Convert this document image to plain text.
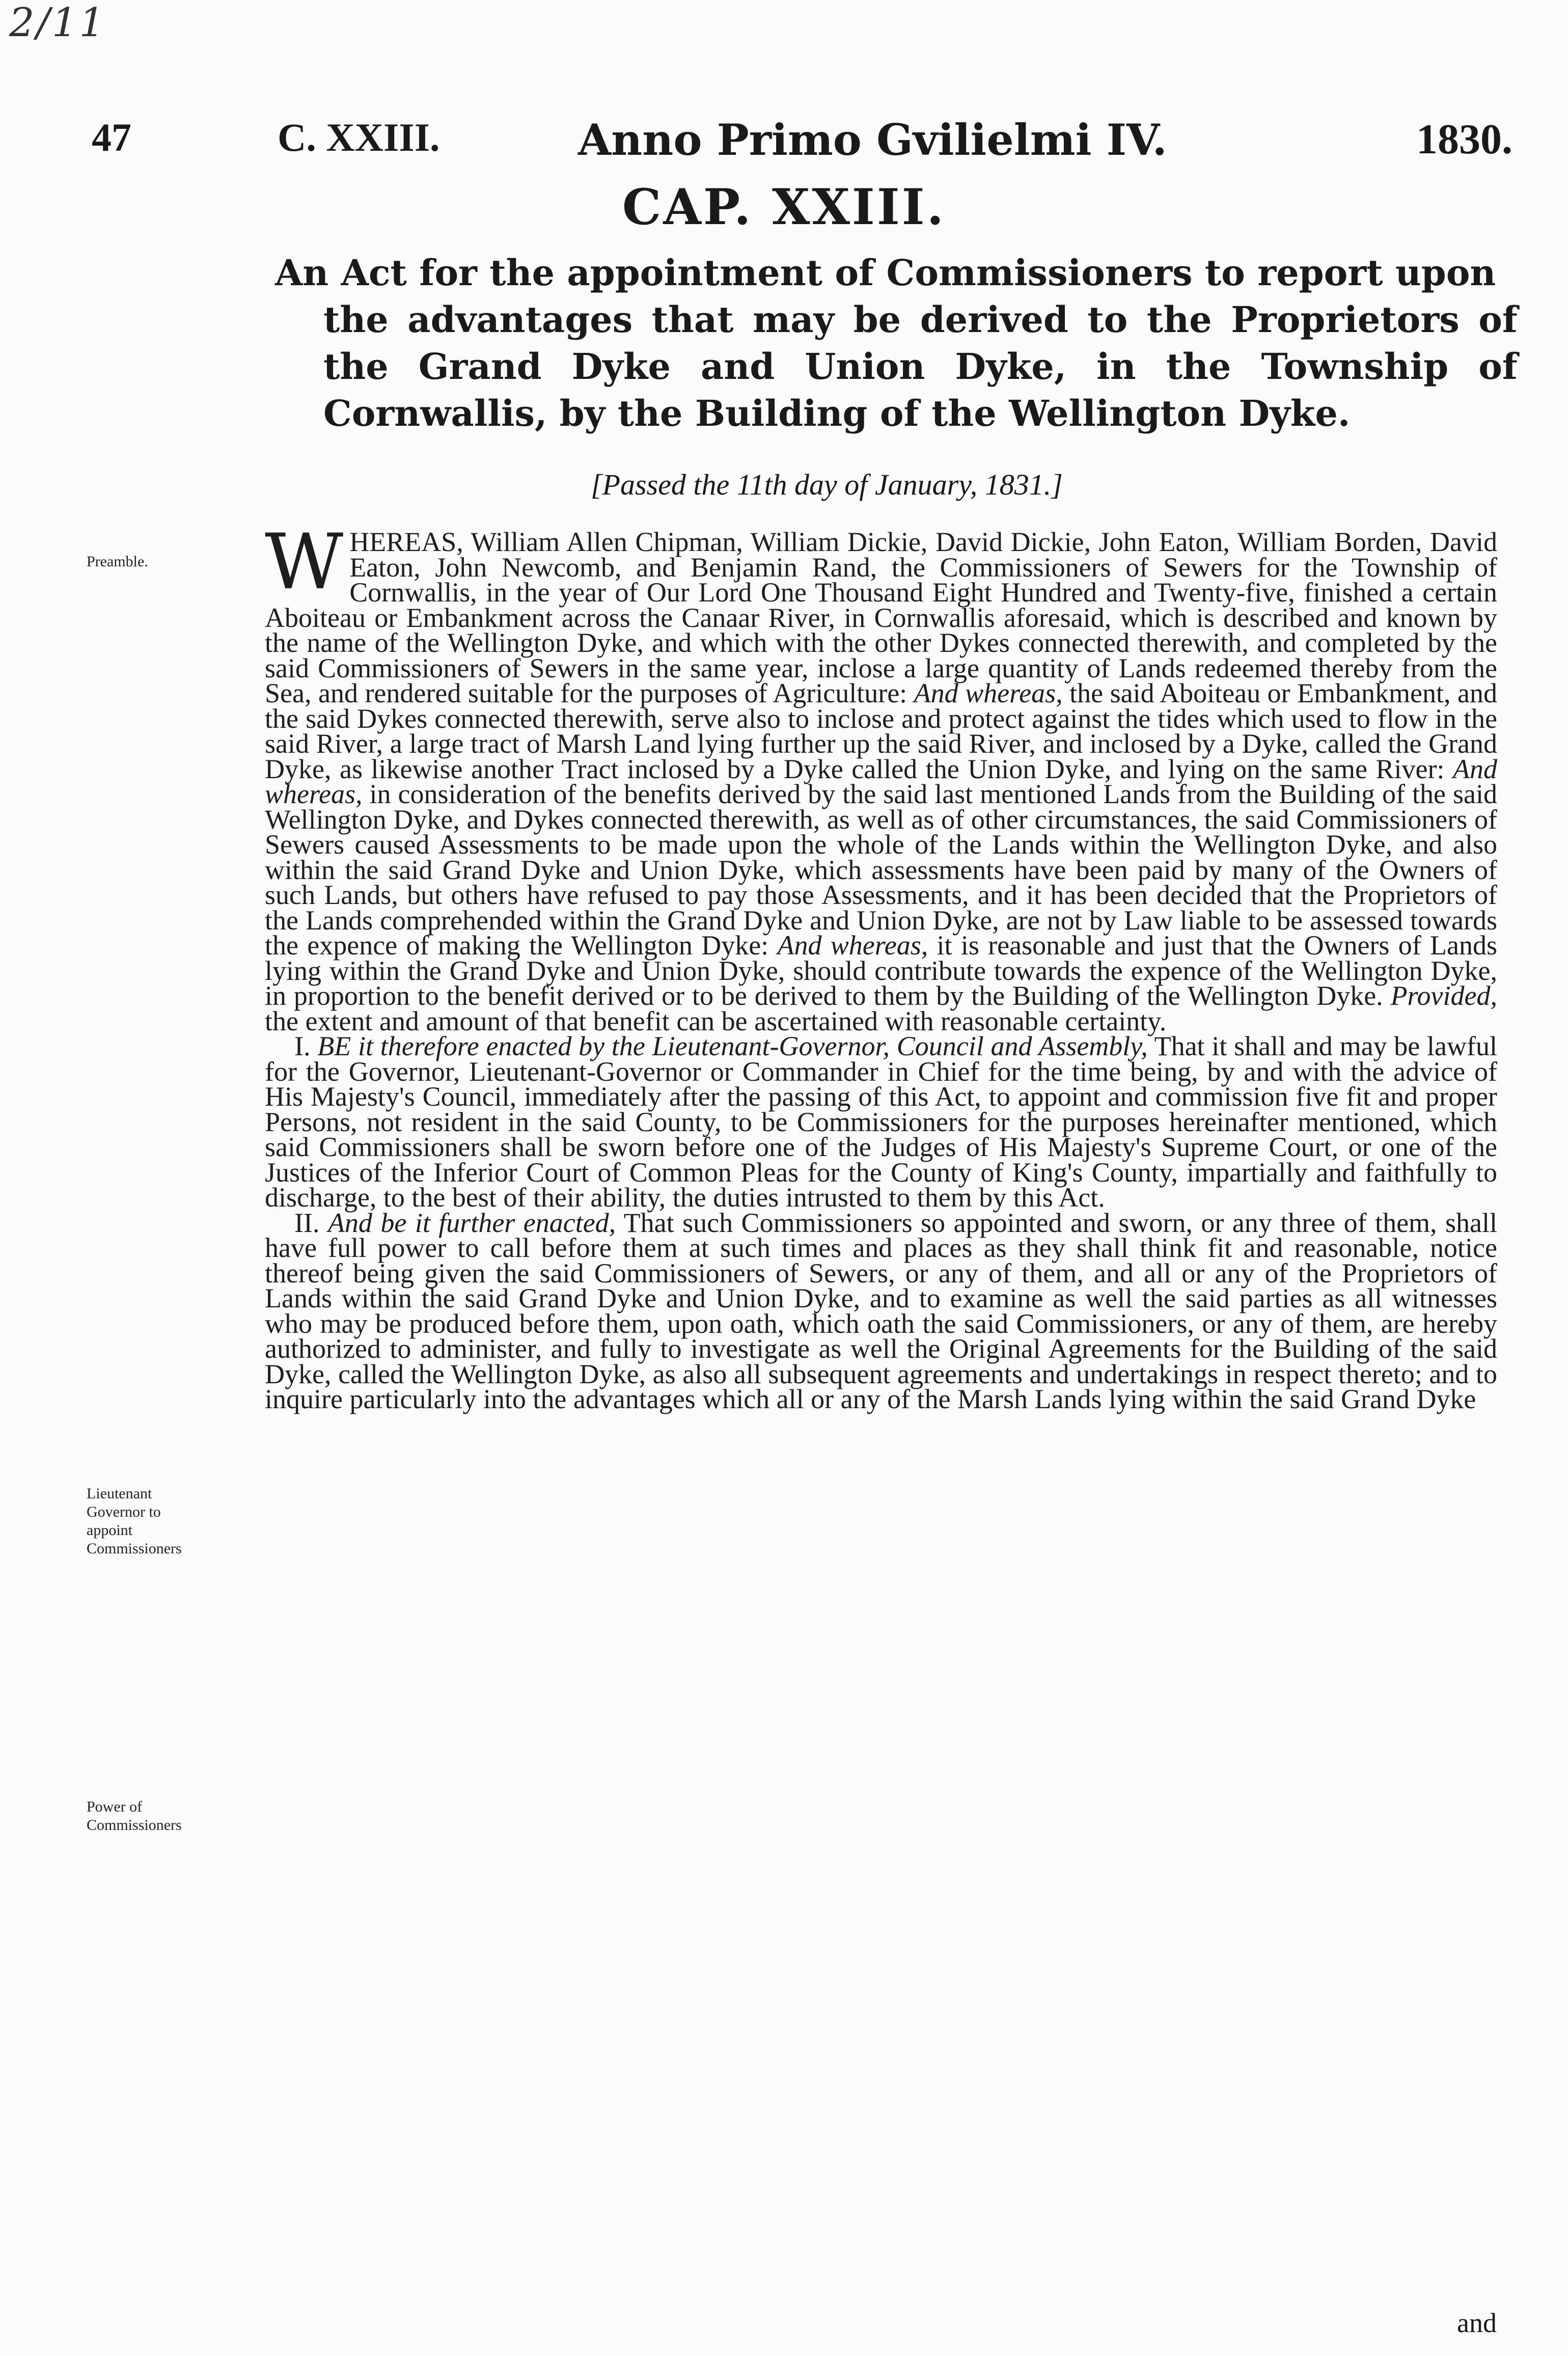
2/11
47	C. XXIII.	Anno Primo Gvilielmi IV.	1830.
CAP. XXIII.
An Act for the appointment of Commissioners to report upon
the advantages that may be derived to the Proprietors of the Grand Dyke and Union Dyke, in the Township of Cornwallis, by the Building of the Wellington Dyke.
[Passed the 11th day of January, 1831.]
Preamble.
Lieutenant Governor to appoint Commissioners
Power of Commissioners

WHEREAS, William Allen Chipman, William Dickie, David Dickie, John Eaton, William Borden, David Eaton, John Newcomb, and Benjamin Rand, the Commissioners of Sewers for the Township of Cornwallis, in the year of Our Lord One Thousand Eight Hundred and Twenty-five, finished a certain Aboiteau or Embankment across the Canaar River, in Cornwallis aforesaid, which is described and known by the name of the Wellington Dyke, and which with the other Dykes connected therewith, and completed by the said Commissioners of Sewers in the same year, inclose a large quantity of Lands redeemed thereby from the Sea, and rendered suitable for the purposes of Agriculture: And whereas, the said Aboiteau or Embankment, and the said Dykes connected therewith, serve also to inclose and protect against the tides which used to flow in the said River, a large tract of Marsh Land lying further up the said River, and inclosed by a Dyke, called the Grand Dyke, as likewise another Tract inclosed by a Dyke called the Union Dyke, and lying on the same River: And whereas, in consideration of the benefits derived by the said last mentioned Lands from the Building of the said Wellington Dyke, and Dykes connected therewith, as well as of other circumstances, the said Commissioners of Sewers caused Assessments to be made upon the whole of the Lands within the Wellington Dyke, and also within the said Grand Dyke and Union Dyke, which assessments have been paid by many of the Owners of such Lands, but others have refused to pay those Assessments, and it has been decided that the Proprietors of the Lands comprehended within the Grand Dyke and Union Dyke, are not by Law liable to be assessed towards the expence of making the Wellington Dyke: And whereas, it is reasonable and just that the Owners of Lands lying within the Grand Dyke and Union Dyke, should contribute towards the expence of the Wellington Dyke, in proportion to the benefit derived or to be derived to them by the Building of the Wellington Dyke. Provided, the extent and amount of that benefit can be ascertained with reasonable certainty.

I. BE it therefore enacted by the Lieutenant-Governor, Council and Assembly, That it shall and may be lawful for the Governor, Lieutenant-Governor or Commander in Chief for the time being, by and with the advice of His Majesty's Council, immediately after the passing of this Act, to appoint and commission five fit and proper Persons, not resident in the said County, to be Commissioners for the purposes hereinafter mentioned, which said Commissioners shall be sworn before one of the Judges of His Majesty's Supreme Court, or one of the Justices of the Inferior Court of Common Pleas for the County of King's County, impartially and faithfully to discharge, to the best of their ability, the duties intrusted to them by this Act.

II. And be it further enacted, That such Commissioners so appointed and sworn, or any three of them, shall have full power to call before them at such times and places as they shall think fit and reasonable, notice thereof being given the said Commissioners of Sewers, or any of them, and all or any of the Proprietors of Lands within the said Grand Dyke and Union Dyke, and to examine as well the said parties as all witnesses who may be produced before them, upon oath, which oath the said Commissioners, or any of them, are hereby authorized to administer, and fully to investigate as well the Original Agreements for the Building of the said Dyke, called the Wellington Dyke, as also all subsequent agreements and undertakings in respect thereto; and to inquire particularly into the advantages which all or any of the Marsh Lands lying within the said Grand Dyke

and
